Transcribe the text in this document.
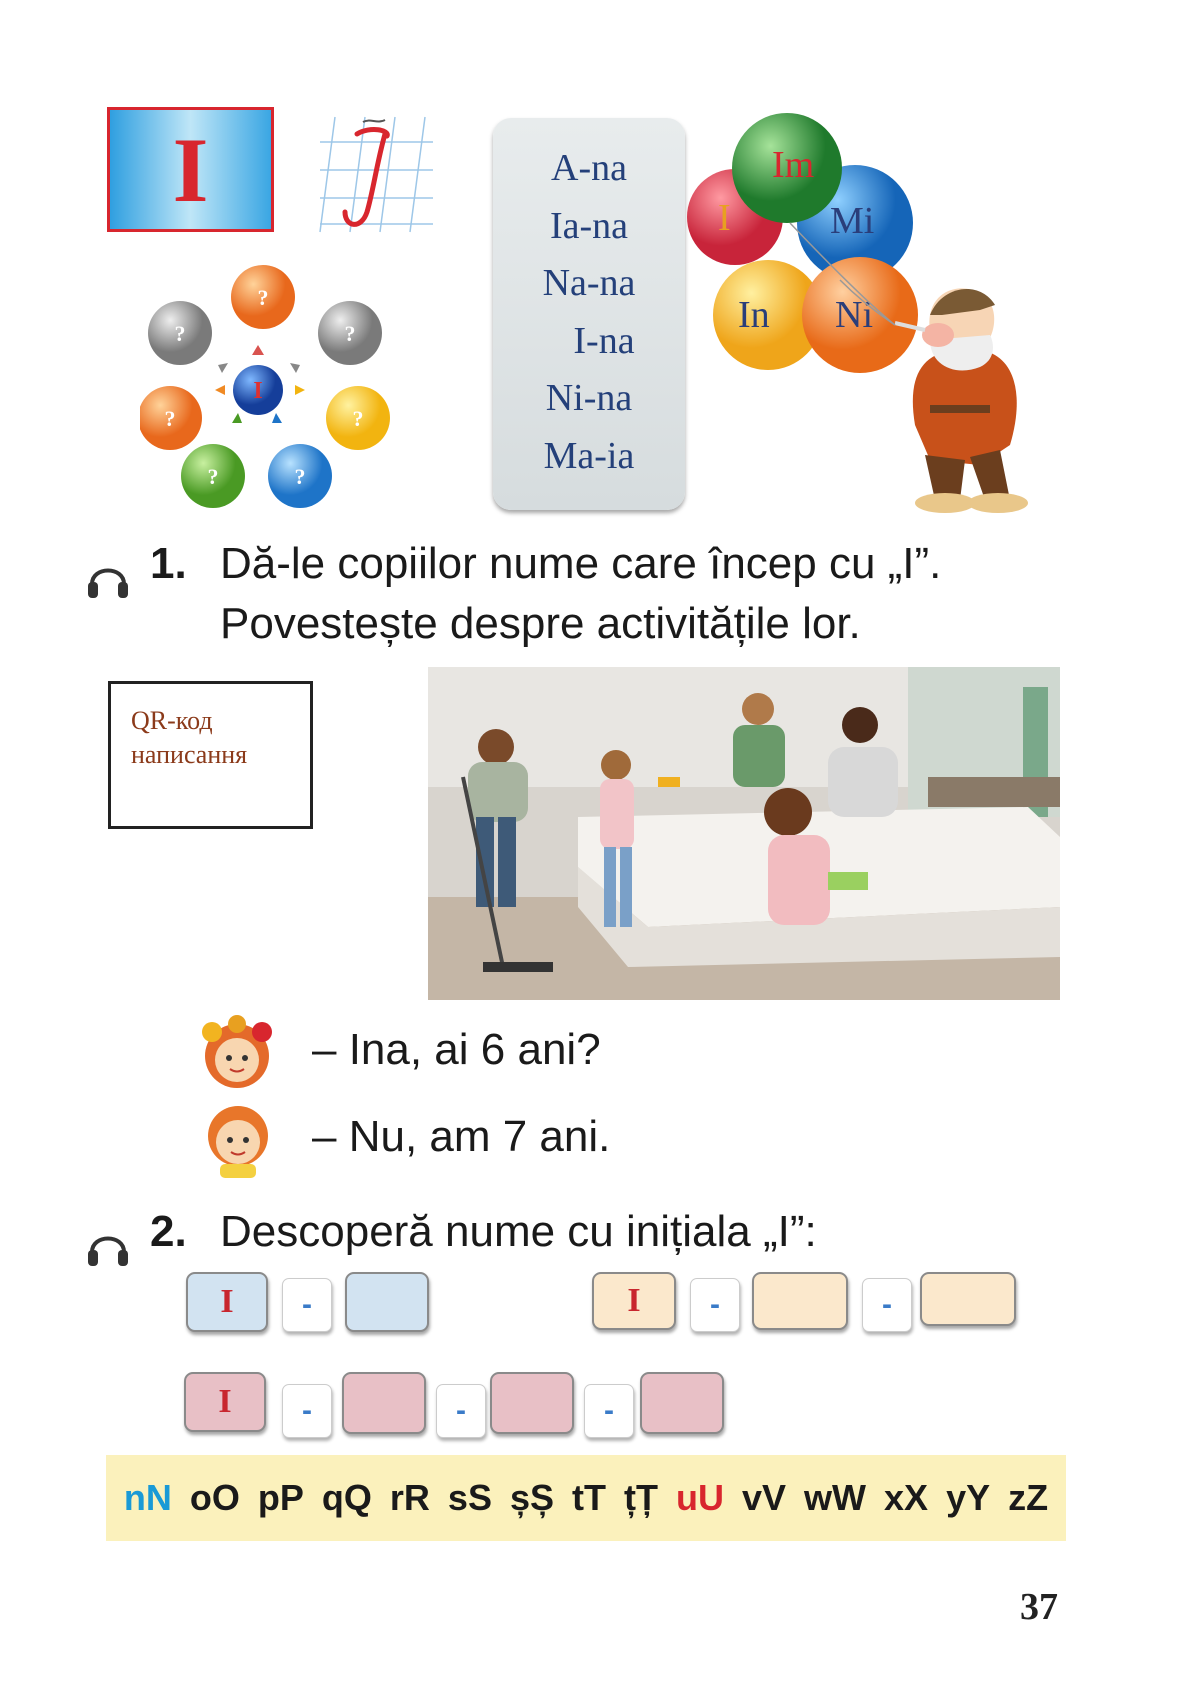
I
?
?	?
?	?
?	?
I
A-na
Ia-na
Na-na
I-na
Ni-na
Ma-ia
Im
I	Mi
In Ni
1. Dă-le copiilor nume care încep cu „I”.
Povestește despre activitățile lor.
QR-код
написання
– Ina, ai 6 ani?
– Nu, am 7 ani.
2. Descoperă nume cu inițiala „I”:
I	-	I	-	-
I	-	-	-
nN oO pP qQ rR sS șȘ tT țȚ uU vV wW xX yY zZ
37
